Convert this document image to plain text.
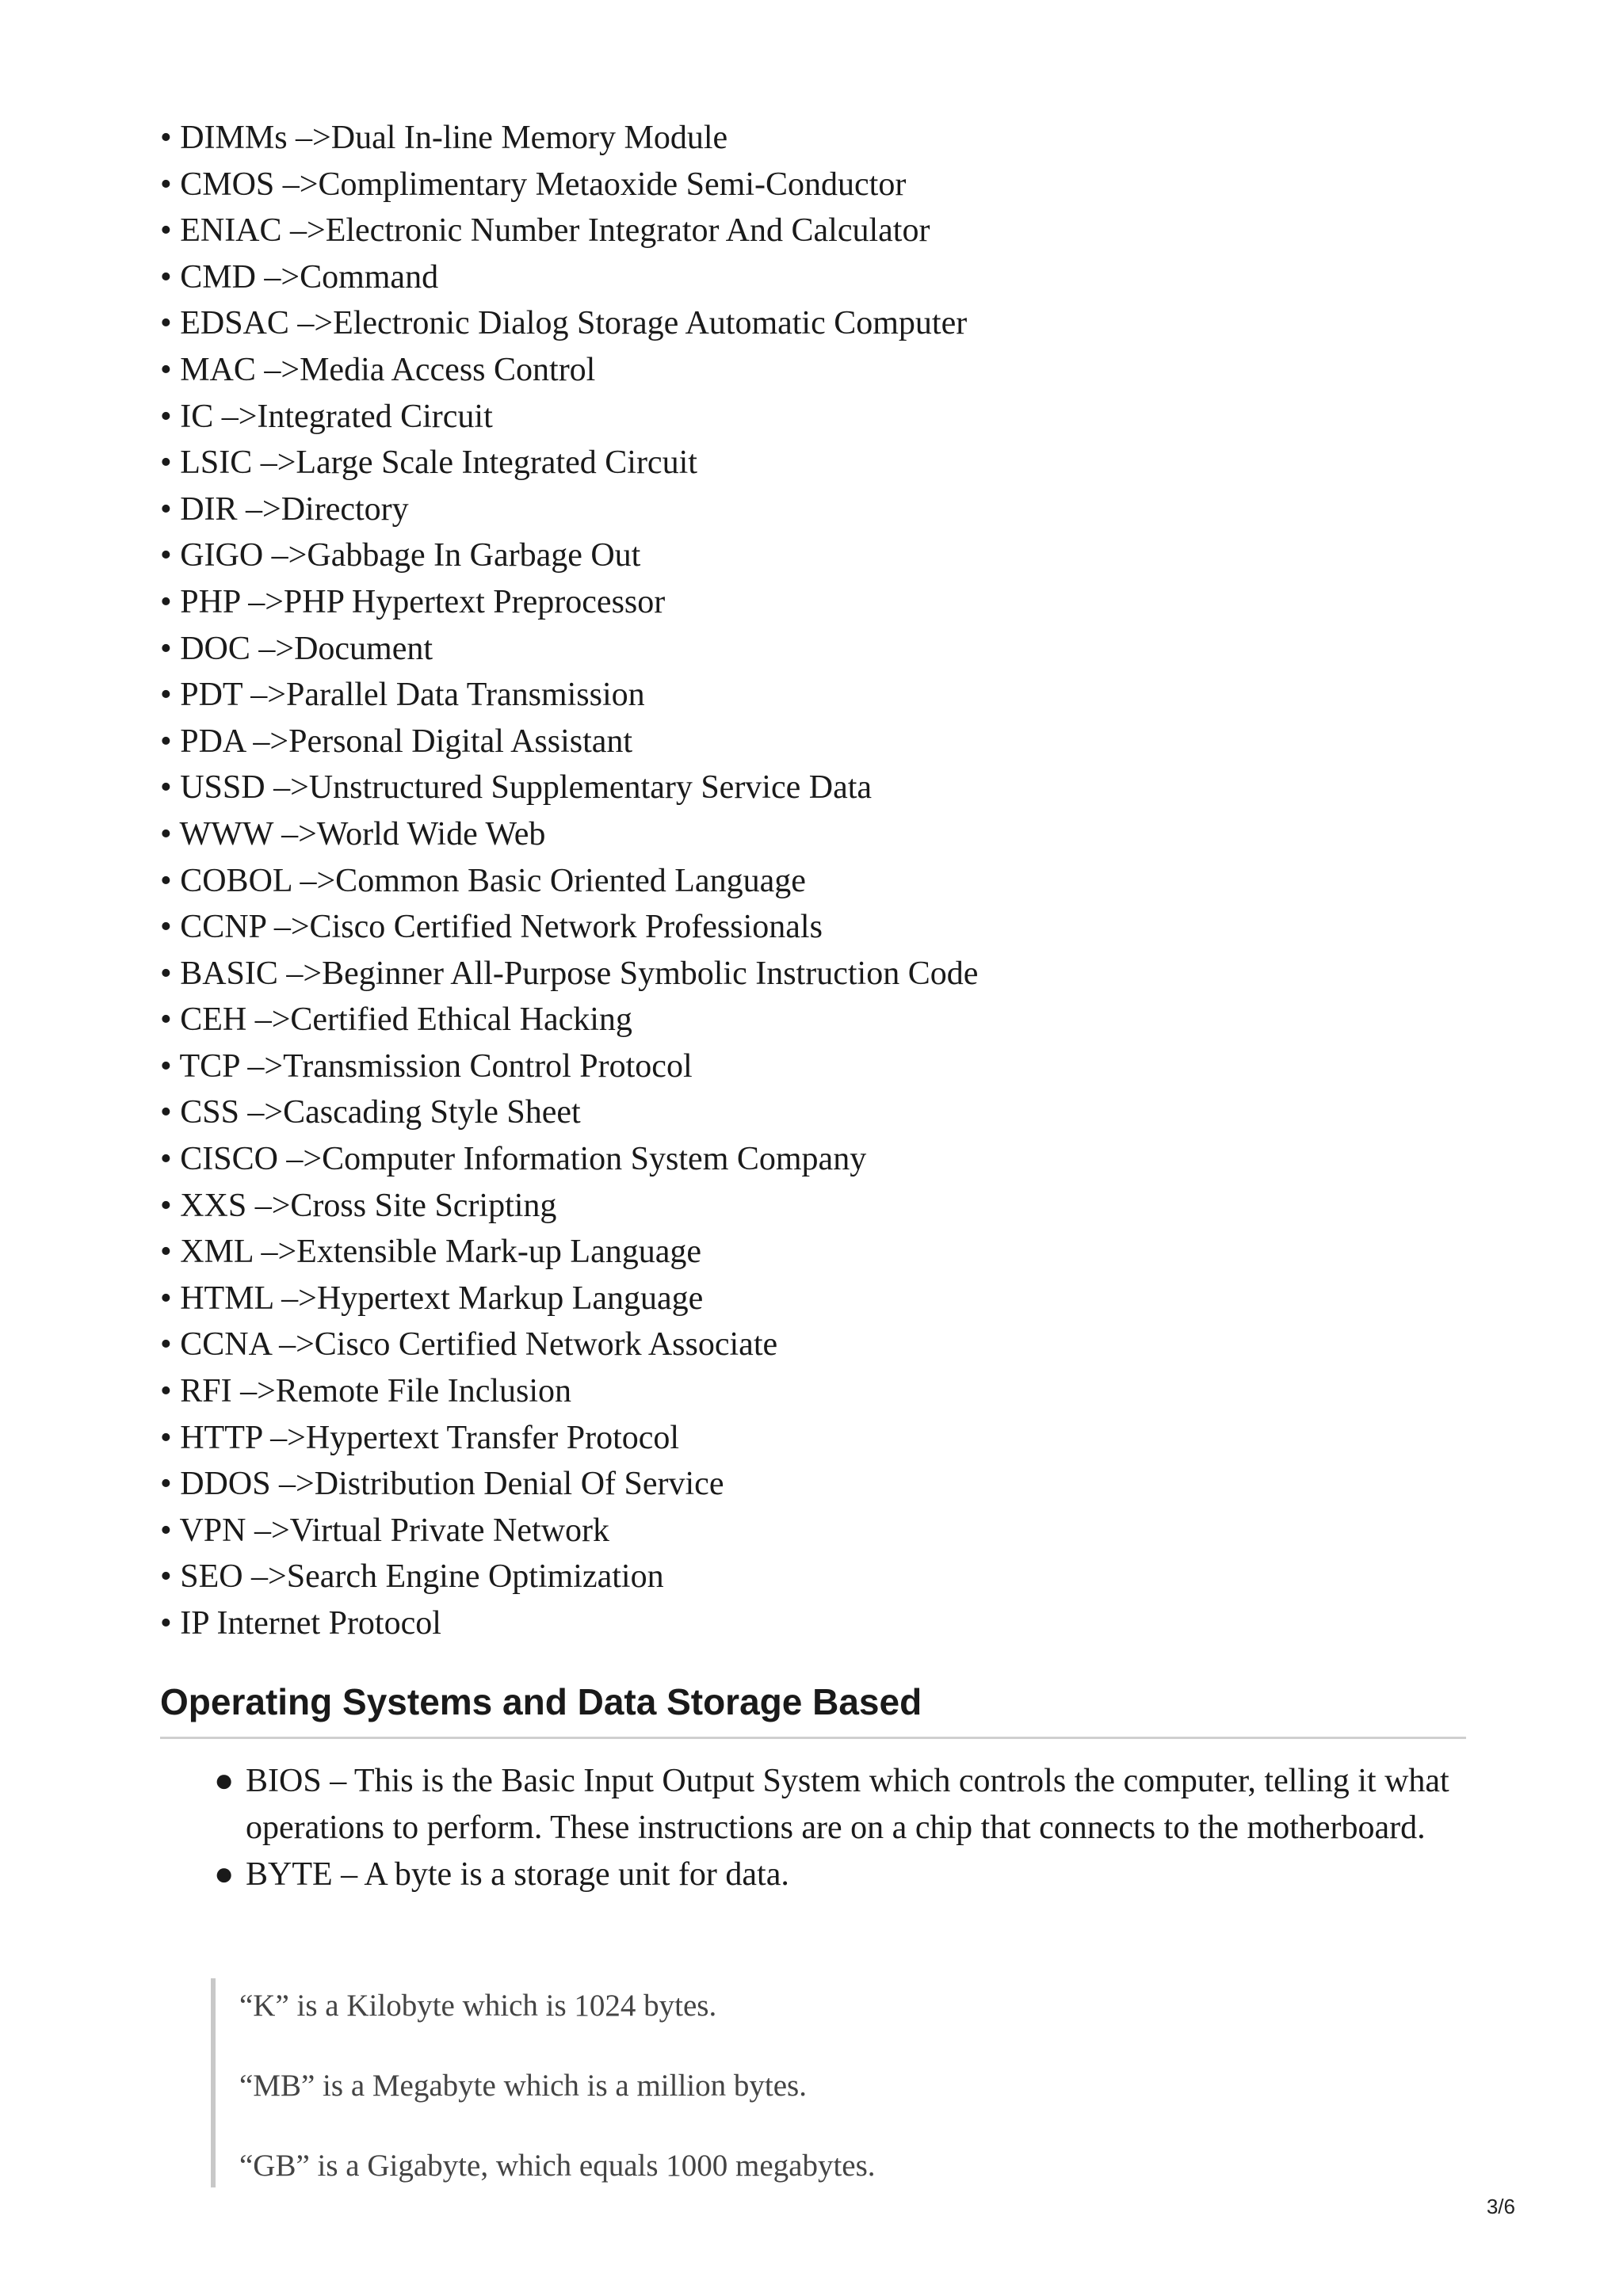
• DIMMs –>Dual In-line Memory Module
• CMOS –>Complimentary Metaoxide Semi-Conductor
• ENIAC –>Electronic Number Integrator And Calculator
• CMD –>Command
• EDSAC –>Electronic Dialog Storage Automatic Computer
• MAC –>Media Access Control
• IC –>Integrated Circuit
• LSIC –>Large Scale Integrated Circuit
• DIR –>Directory
• GIGO –>Gabbage In Garbage Out
• PHP –>PHP Hypertext Preprocessor
• DOC –>Document
• PDT –>Parallel Data Transmission
• PDA –>Personal Digital Assistant
• USSD –>Unstructured Supplementary Service Data
• WWW –>World Wide Web
• COBOL –>Common Basic Oriented Language
• CCNP –>Cisco Certified Network Professionals
• BASIC –>Beginner All-Purpose Symbolic Instruction Code
• CEH –>Certified Ethical Hacking
• TCP –>Transmission Control Protocol
• CSS –>Cascading Style Sheet
• CISCO –>Computer Information System Company
• XXS –>Cross Site Scripting
• XML –>Extensible Mark-up Language
• HTML –>Hypertext Markup Language
• CCNA –>Cisco Certified Network Associate
• RFI –>Remote File Inclusion
• HTTP –>Hypertext Transfer Protocol
• DDOS –>Distribution Denial Of Service
• VPN –>Virtual Private Network
• SEO –>Search Engine Optimization
• IP Internet Protocol
Operating Systems and Data Storage Based
● BIOS – This is the Basic Input Output System which controls the computer, telling it what operations to perform. These instructions are on a chip that connects to the motherboard.
● BYTE – A byte is a storage unit for data.

“K” is a Kilobyte which is 1024 bytes.

“MB” is a Megabyte which is a million bytes.

“GB” is a Gigabyte, which equals 1000 megabytes.

3/6
